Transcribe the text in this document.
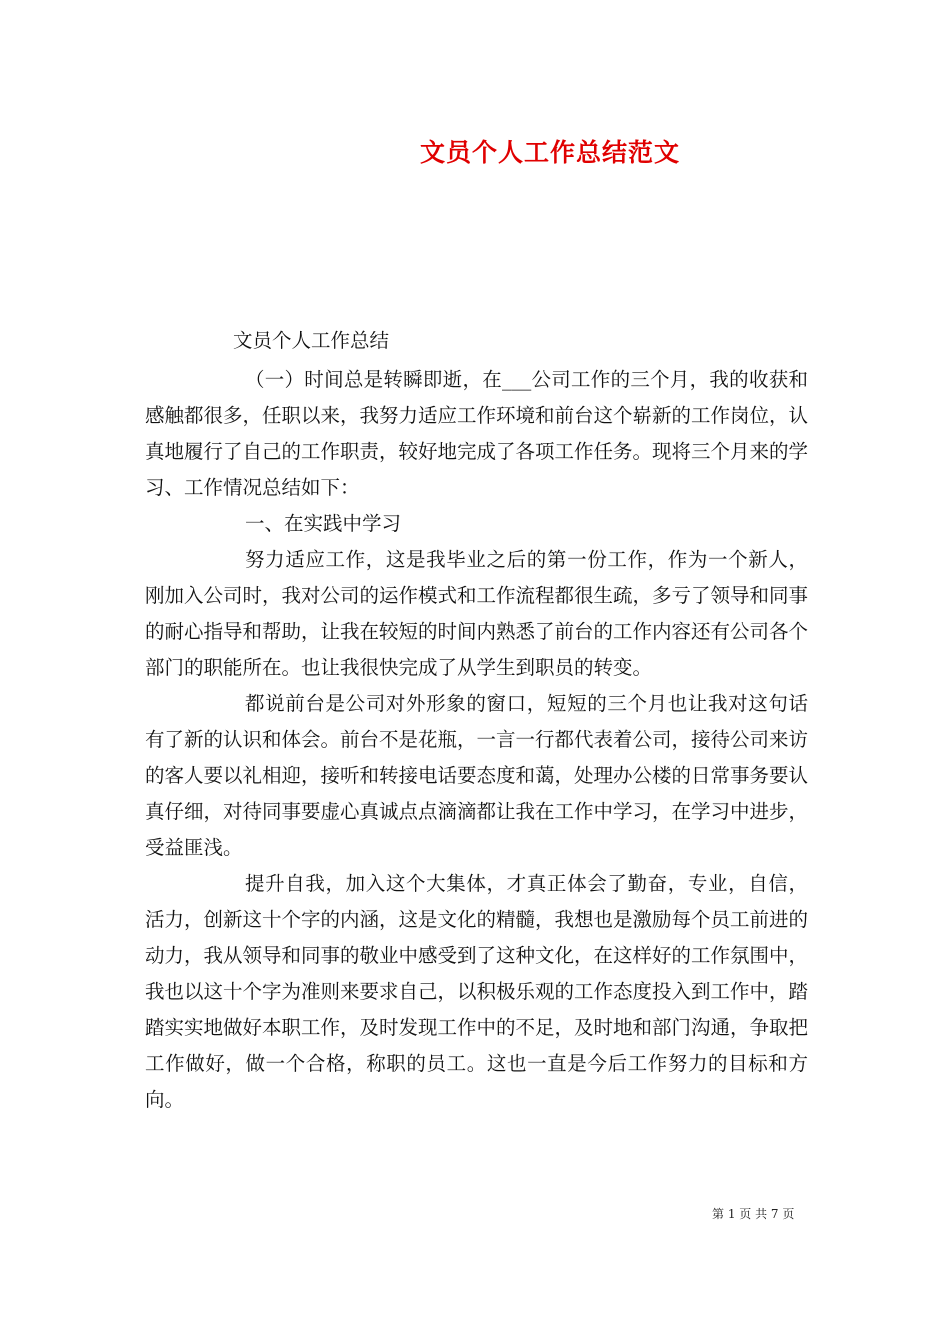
文员个人工作总结范文
文员个人工作总结

（一）时间总是转瞬即逝，在___公司工作的三个月，我的收获和感触都很多，任职以来，我努力适应工作环境和前台这个崭新的工作岗位，认真地履行了自己的工作职责，较好地完成了各项工作任务。现将三个月来的学习、工作情况总结如下：

一、在实践中学习

努力适应工作，这是我毕业之后的第一份工作，作为一个新人，刚加入公司时，我对公司的运作模式和工作流程都很生疏，多亏了领导和同事的耐心指导和帮助，让我在较短的时间内熟悉了前台的工作内容还有公司各个部门的职能所在。也让我很快完成了从学生到职员的转变。

都说前台是公司对外形象的窗口，短短的三个月也让我对这句话有了新的认识和体会。前台不是花瓶，一言一行都代表着公司，接待公司来访的客人要以礼相迎，接听和转接电话要态度和蔼，处理办公楼的日常事务要认真仔细，对待同事要虚心真诚点点滴滴都让我在工作中学习，在学习中进步，受益匪浅。

提升自我，加入这个大集体，才真正体会了勤奋，专业，自信，活力，创新这十个字的内涵，这是文化的精髓，我想也是激励每个员工前进的动力，我从领导和同事的敬业中感受到了这种文化，在这样好的工作氛围中，我也以这十个字为准则来要求自己，以积极乐观的工作态度投入到工作中，踏踏实实地做好本职工作，及时发现工作中的不足，及时地和部门沟通，争取把工作做好，做一个合格，称职的员工。这也一直是今后工作努力的目标和方向。

第 1 页 共 7 页
